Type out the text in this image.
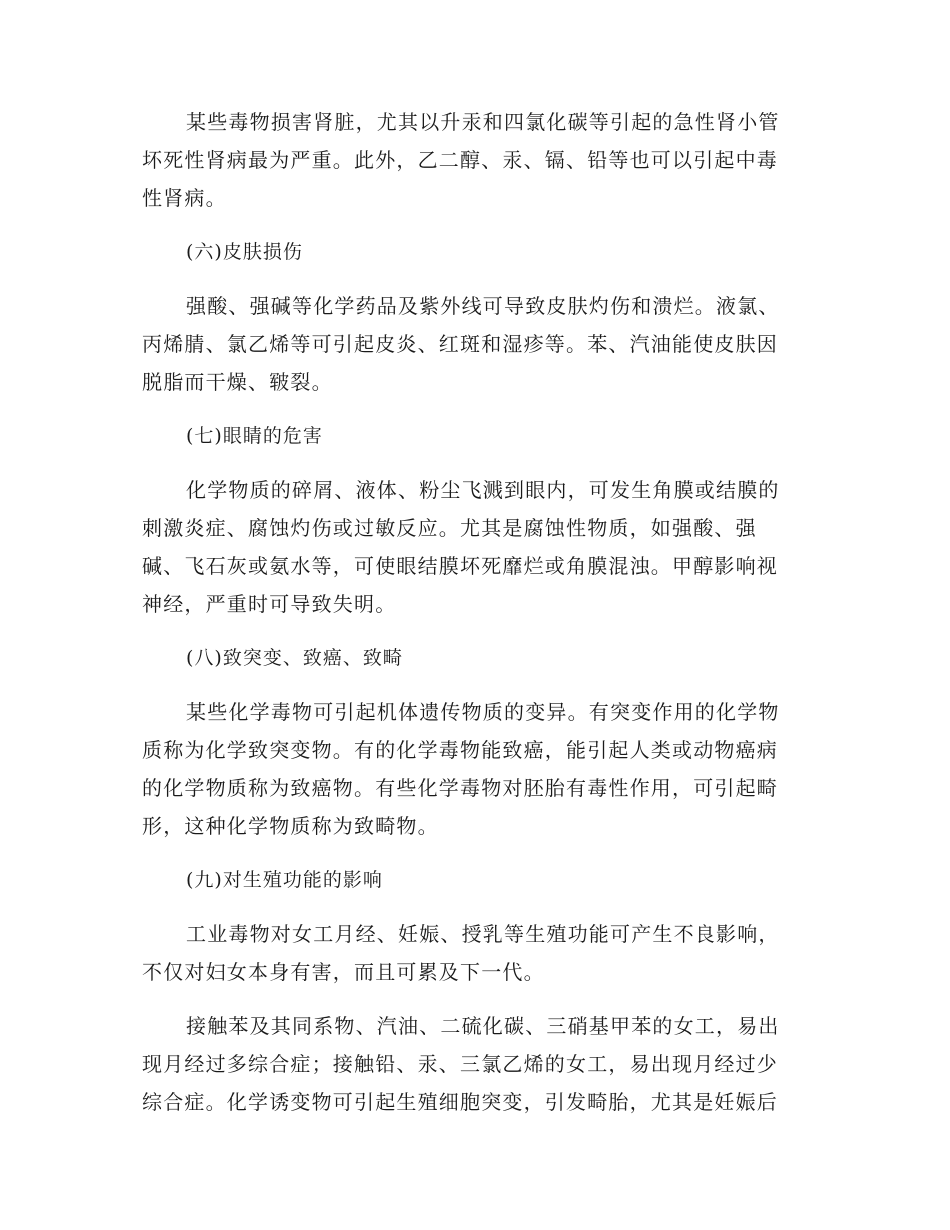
某些毒物损害肾脏，尤其以升汞和四氯化碳等引起的急性肾小管坏死性肾病最为严重。此外，乙二醇、汞、镉、铅等也可以引起中毒性肾病。

(六)皮肤损伤

强酸、强碱等化学药品及紫外线可导致皮肤灼伤和溃烂。液氯、丙烯腈、氯乙烯等可引起皮炎、红斑和湿疹等。苯、汽油能使皮肤因脱脂而干燥、皲裂。

(七)眼睛的危害

化学物质的碎屑、液体、粉尘飞溅到眼内，可发生角膜或结膜的刺激炎症、腐蚀灼伤或过敏反应。尤其是腐蚀性物质，如强酸、强碱、飞石灰或氨水等，可使眼结膜坏死靡烂或角膜混浊。甲醇影响视神经，严重时可导致失明。

(八)致突变、致癌、致畸

某些化学毒物可引起机体遗传物质的变异。有突变作用的化学物质称为化学致突变物。有的化学毒物能致癌，能引起人类或动物癌病的化学物质称为致癌物。有些化学毒物对胚胎有毒性作用，可引起畸形，这种化学物质称为致畸物。

(九)对生殖功能的影响

工业毒物对女工月经、妊娠、授乳等生殖功能可产生不良影响，不仅对妇女本身有害，而且可累及下一代。

接触苯及其同系物、汽油、二硫化碳、三硝基甲苯的女工，易出现月经过多综合症；接触铅、汞、三氯乙烯的女工，易出现月经过少综合症。化学诱变物可引起生殖细胞突变，引发畸胎，尤其是妊娠后
